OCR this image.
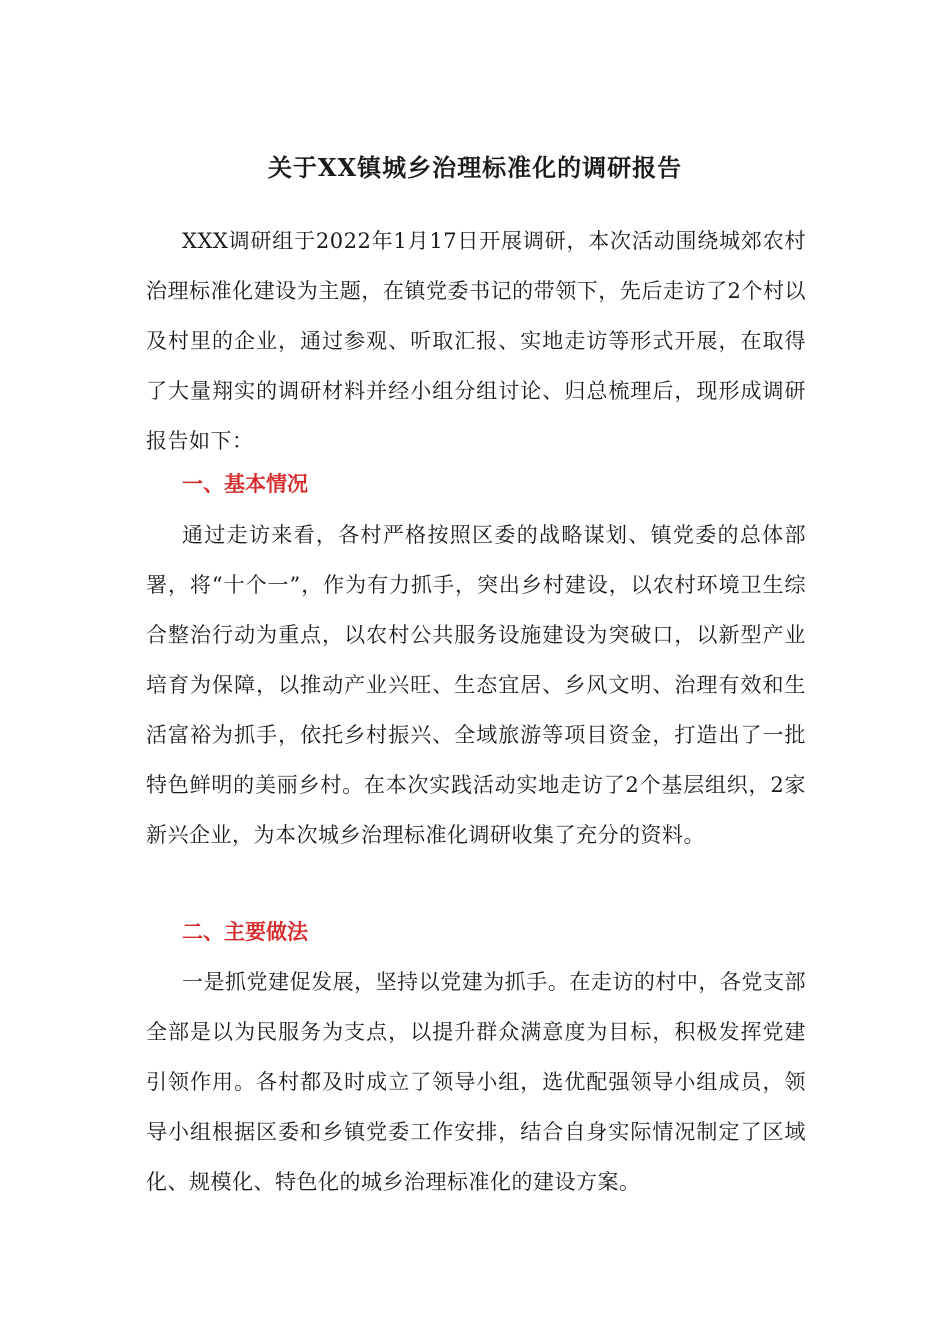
关于XX镇城乡治理标准化的调研报告

XXX调研组于2022年1月17日开展调研，本次活动围绕城郊农村治理标准化建设为主题，在镇党委书记的带领下，先后走访了2个村以及村里的企业，通过参观、听取汇报、实地走访等形式开展，在取得了大量翔实的调研材料并经小组分组讨论、归总梳理后，现形成调研报告如下：

一、基本情况

通过走访来看，各村严格按照区委的战略谋划、镇党委的总体部署，将“十个一”，作为有力抓手，突出乡村建设，以农村环境卫生综合整治行动为重点，以农村公共服务设施建设为突破口，以新型产业培育为保障，以推动产业兴旺、生态宜居、乡风文明、治理有效和生活富裕为抓手，依托乡村振兴、全域旅游等项目资金，打造出了一批特色鲜明的美丽乡村。在本次实践活动实地走访了2个基层组织，2家新兴企业，为本次城乡治理标准化调研收集了充分的资料。

二、主要做法

一是抓党建促发展，坚持以党建为抓手。在走访的村中，各党支部全部是以为民服务为支点，以提升群众满意度为目标，积极发挥党建引领作用。各村都及时成立了领导小组，选优配强领导小组成员，领导小组根据区委和乡镇党委工作安排，结合自身实际情况制定了区域化、规模化、特色化的城乡治理标准化的建设方案。
